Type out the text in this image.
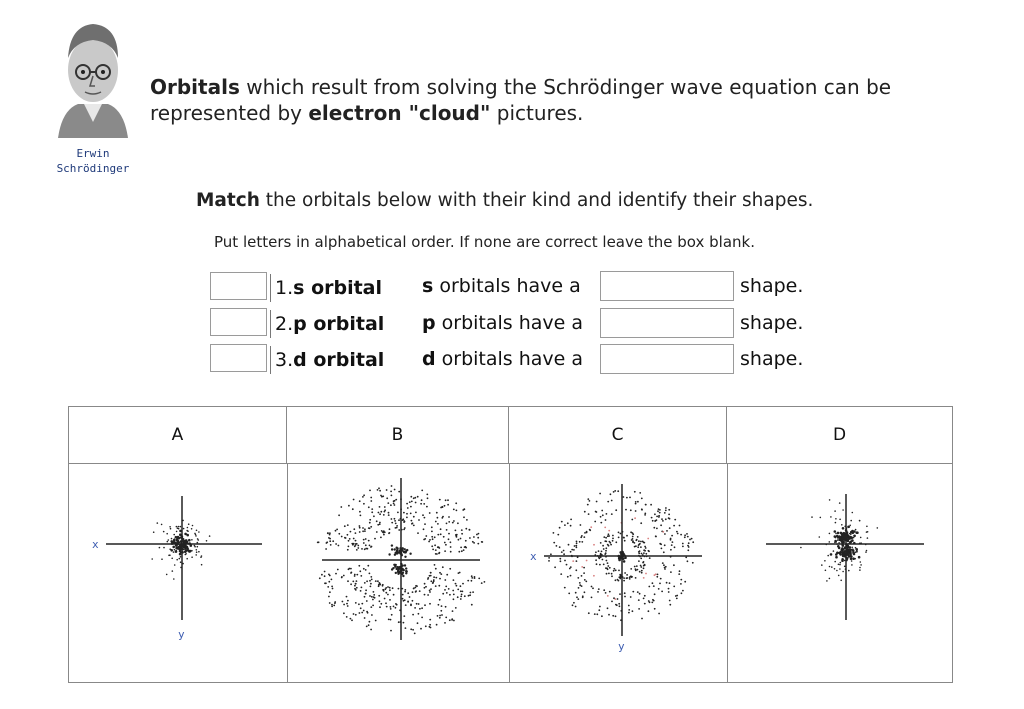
Erwin
Schrödinger
Orbitals which result from solving the Schrödinger wave equation can be represented by electron "cloud" pictures.
Match the orbitals below with their kind and identify their shapes.
Put letters in alphabetical order. If none are correct leave the box blank.
1.s orbital	s orbitals have a	shape.
2.p orbital	p orbitals have a	shape.
3.d orbital	d orbitals have a	shape.
A	B	C	D
x
y
x
y
